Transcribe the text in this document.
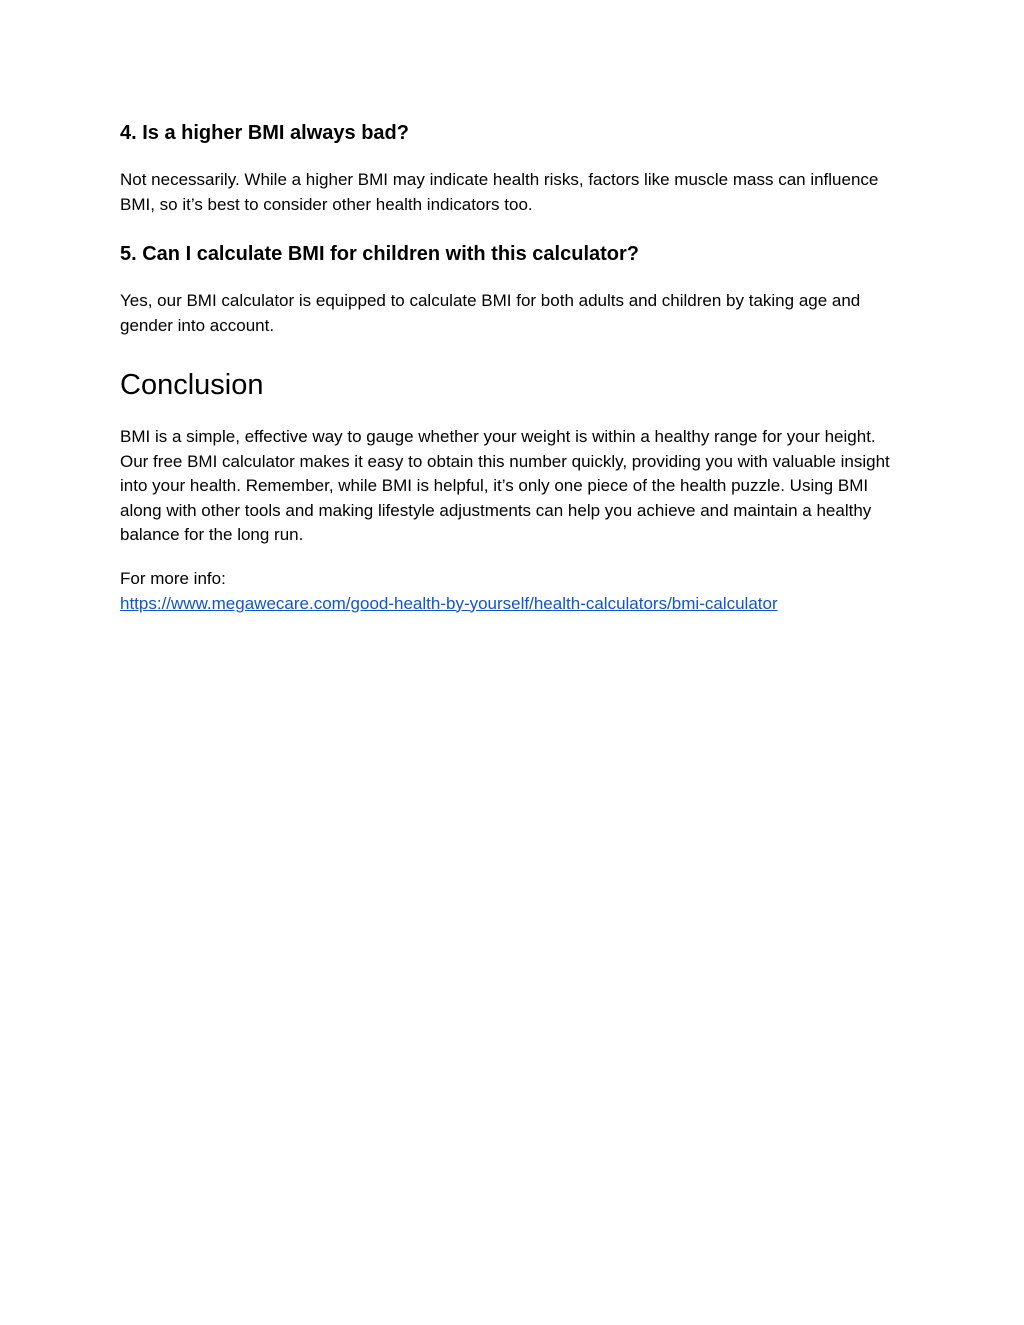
4. Is a higher BMI always bad?

Not necessarily. While a higher BMI may indicate health risks, factors like muscle mass can influence BMI, so it’s best to consider other health indicators too.

5. Can I calculate BMI for children with this calculator?

Yes, our BMI calculator is equipped to calculate BMI for both adults and children by taking age and gender into account.

Conclusion

BMI is a simple, effective way to gauge whether your weight is within a healthy range for your height. Our free BMI calculator makes it easy to obtain this number quickly, providing you with valuable insight into your health. Remember, while BMI is helpful, it’s only one piece of the health puzzle. Using BMI along with other tools and making lifestyle adjustments can help you achieve and maintain a healthy balance for the long run.

For more info:
https://www.megawecare.com/good-health-by-yourself/health-calculators/bmi-calculator
